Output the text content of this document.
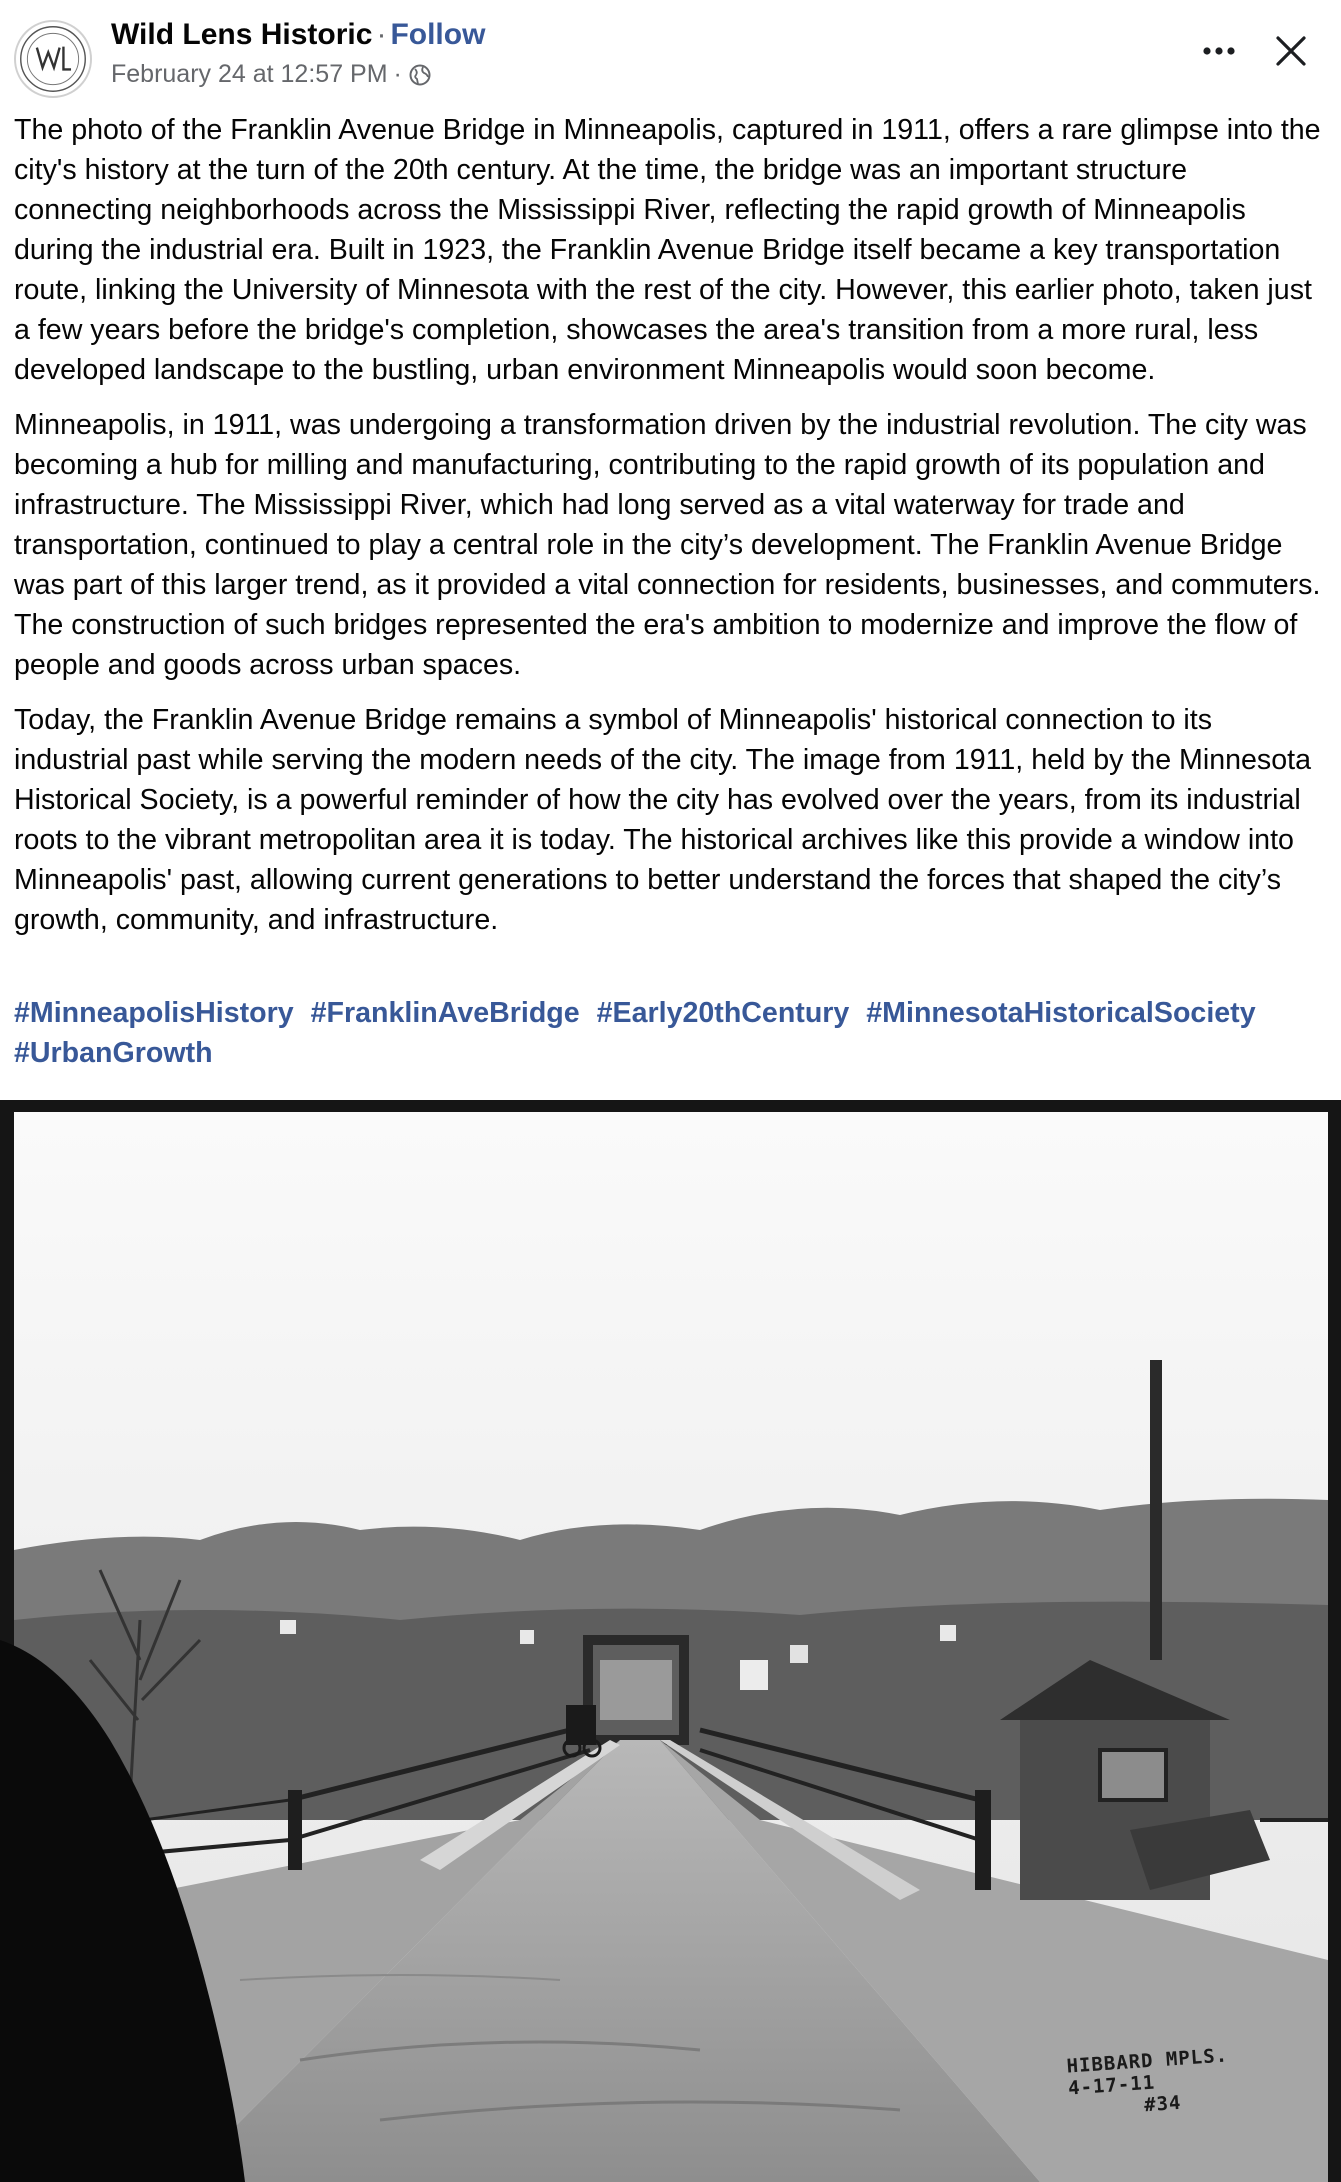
Wild Lens Historic · Follow
February 24 at 12:57 PM ·

The photo of the Franklin Avenue Bridge in Minneapolis, captured in 1911, offers a rare glimpse into the city's history at the turn of the 20th century. At the time, the bridge was an important structure connecting neighborhoods across the Mississippi River, reflecting the rapid growth of Minneapolis during the industrial era. Built in 1923, the Franklin Avenue Bridge itself became a key transportation route, linking the University of Minnesota with the rest of the city. However, this earlier photo, taken just a few years before the bridge's completion, showcases the area's transition from a more rural, less developed landscape to the bustling, urban environment Minneapolis would soon become.

Minneapolis, in 1911, was undergoing a transformation driven by the industrial revolution. The city was becoming a hub for milling and manufacturing, contributing to the rapid growth of its population and infrastructure. The Mississippi River, which had long served as a vital waterway for trade and transportation, continued to play a central role in the city’s development. The Franklin Avenue Bridge was part of this larger trend, as it provided a vital connection for residents, businesses, and commuters. The construction of such bridges represented the era's ambition to modernize and improve the flow of people and goods across urban spaces.

Today, the Franklin Avenue Bridge remains a symbol of Minneapolis' historical connection to its industrial past while serving the modern needs of the city. The image from 1911, held by the Minnesota Historical Society, is a powerful reminder of how the city has evolved over the years, from its industrial roots to the vibrant metropolitan area it is today. The historical archives like this provide a window into Minneapolis' past, allowing current generations to better understand the forces that shaped the city’s growth, community, and infrastructure.

#MinneapolisHistory #FranklinAveBridge #Early20thCentury #MinnesotaHistoricalSociety #UrbanGrowth
HIBBARD MPLS.
4-17-11
#34
